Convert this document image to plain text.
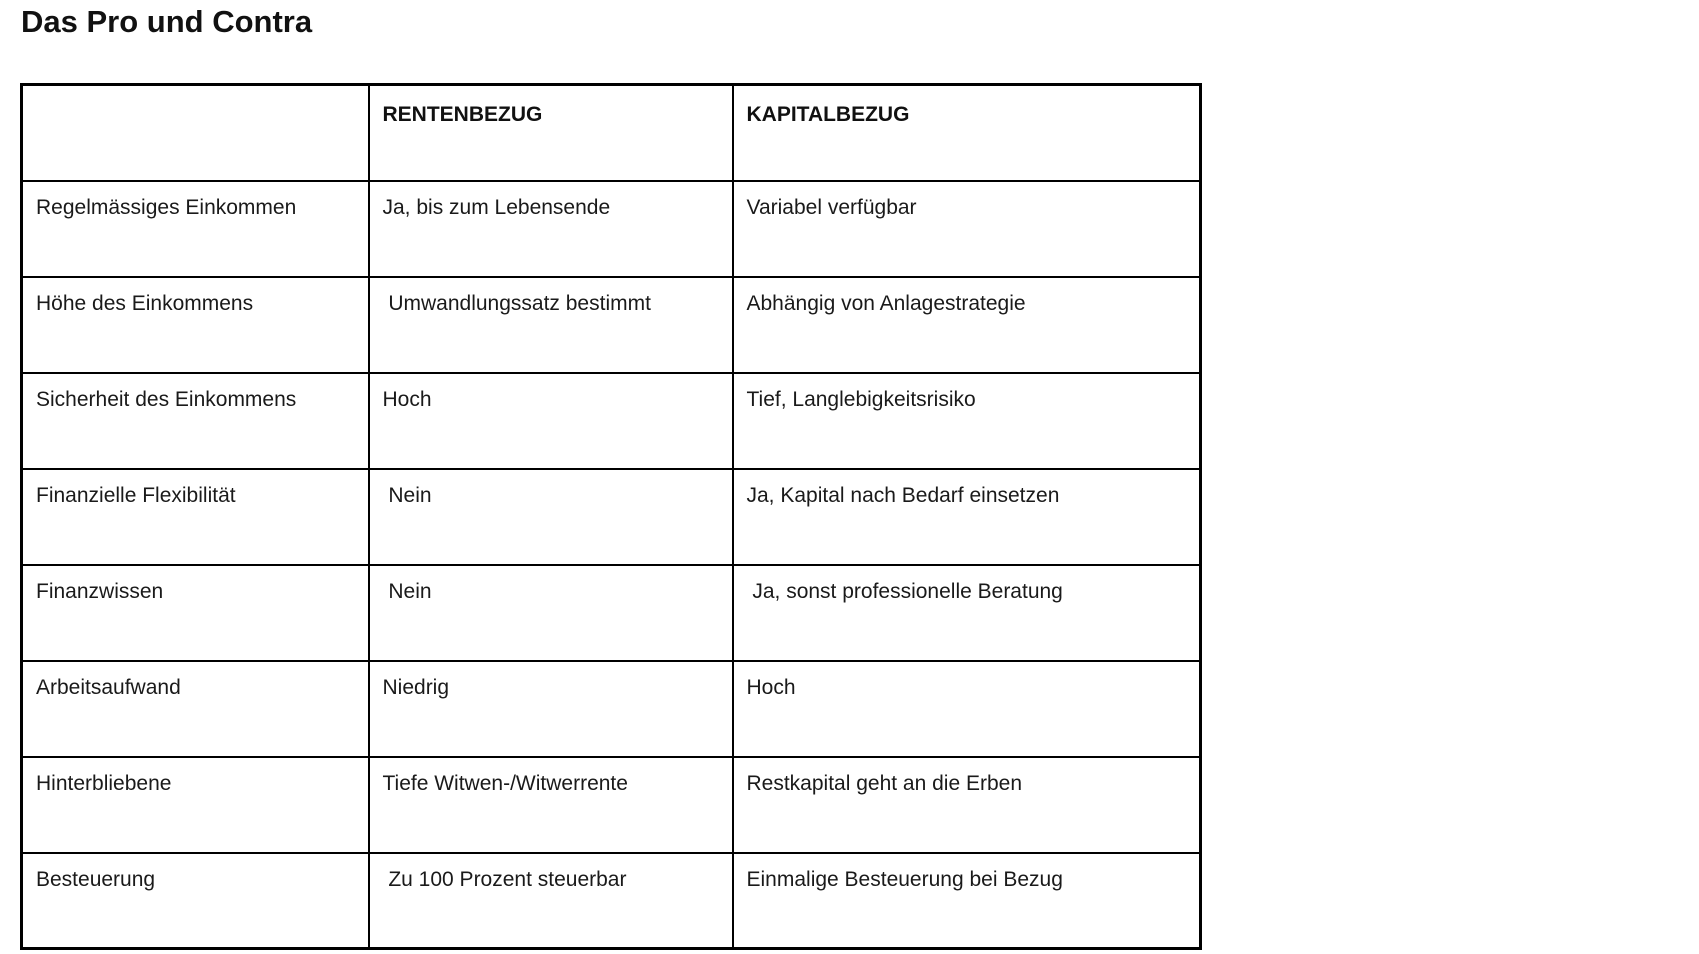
Das Pro und Contra
	RENTENBEZUG	KAPITALBEZUG
Regelmässiges Einkommen	Ja, bis zum Lebensende	Variabel verfügbar
Höhe des Einkommens	Umwandlungssatz bestimmt	Abhängig von Anlagestrategie
Sicherheit des Einkommens	Hoch	Tief, Langlebigkeitsrisiko
Finanzielle Flexibilität	Nein	Ja, Kapital nach Bedarf einsetzen
Finanzwissen	Nein	Ja, sonst professionelle Beratung
Arbeitsaufwand	Niedrig	Hoch
Hinterbliebene	Tiefe Witwen-/Witwerrente	Restkapital geht an die Erben
Besteuerung	Zu 100 Prozent steuerbar	Einmalige Besteuerung bei Bezug
